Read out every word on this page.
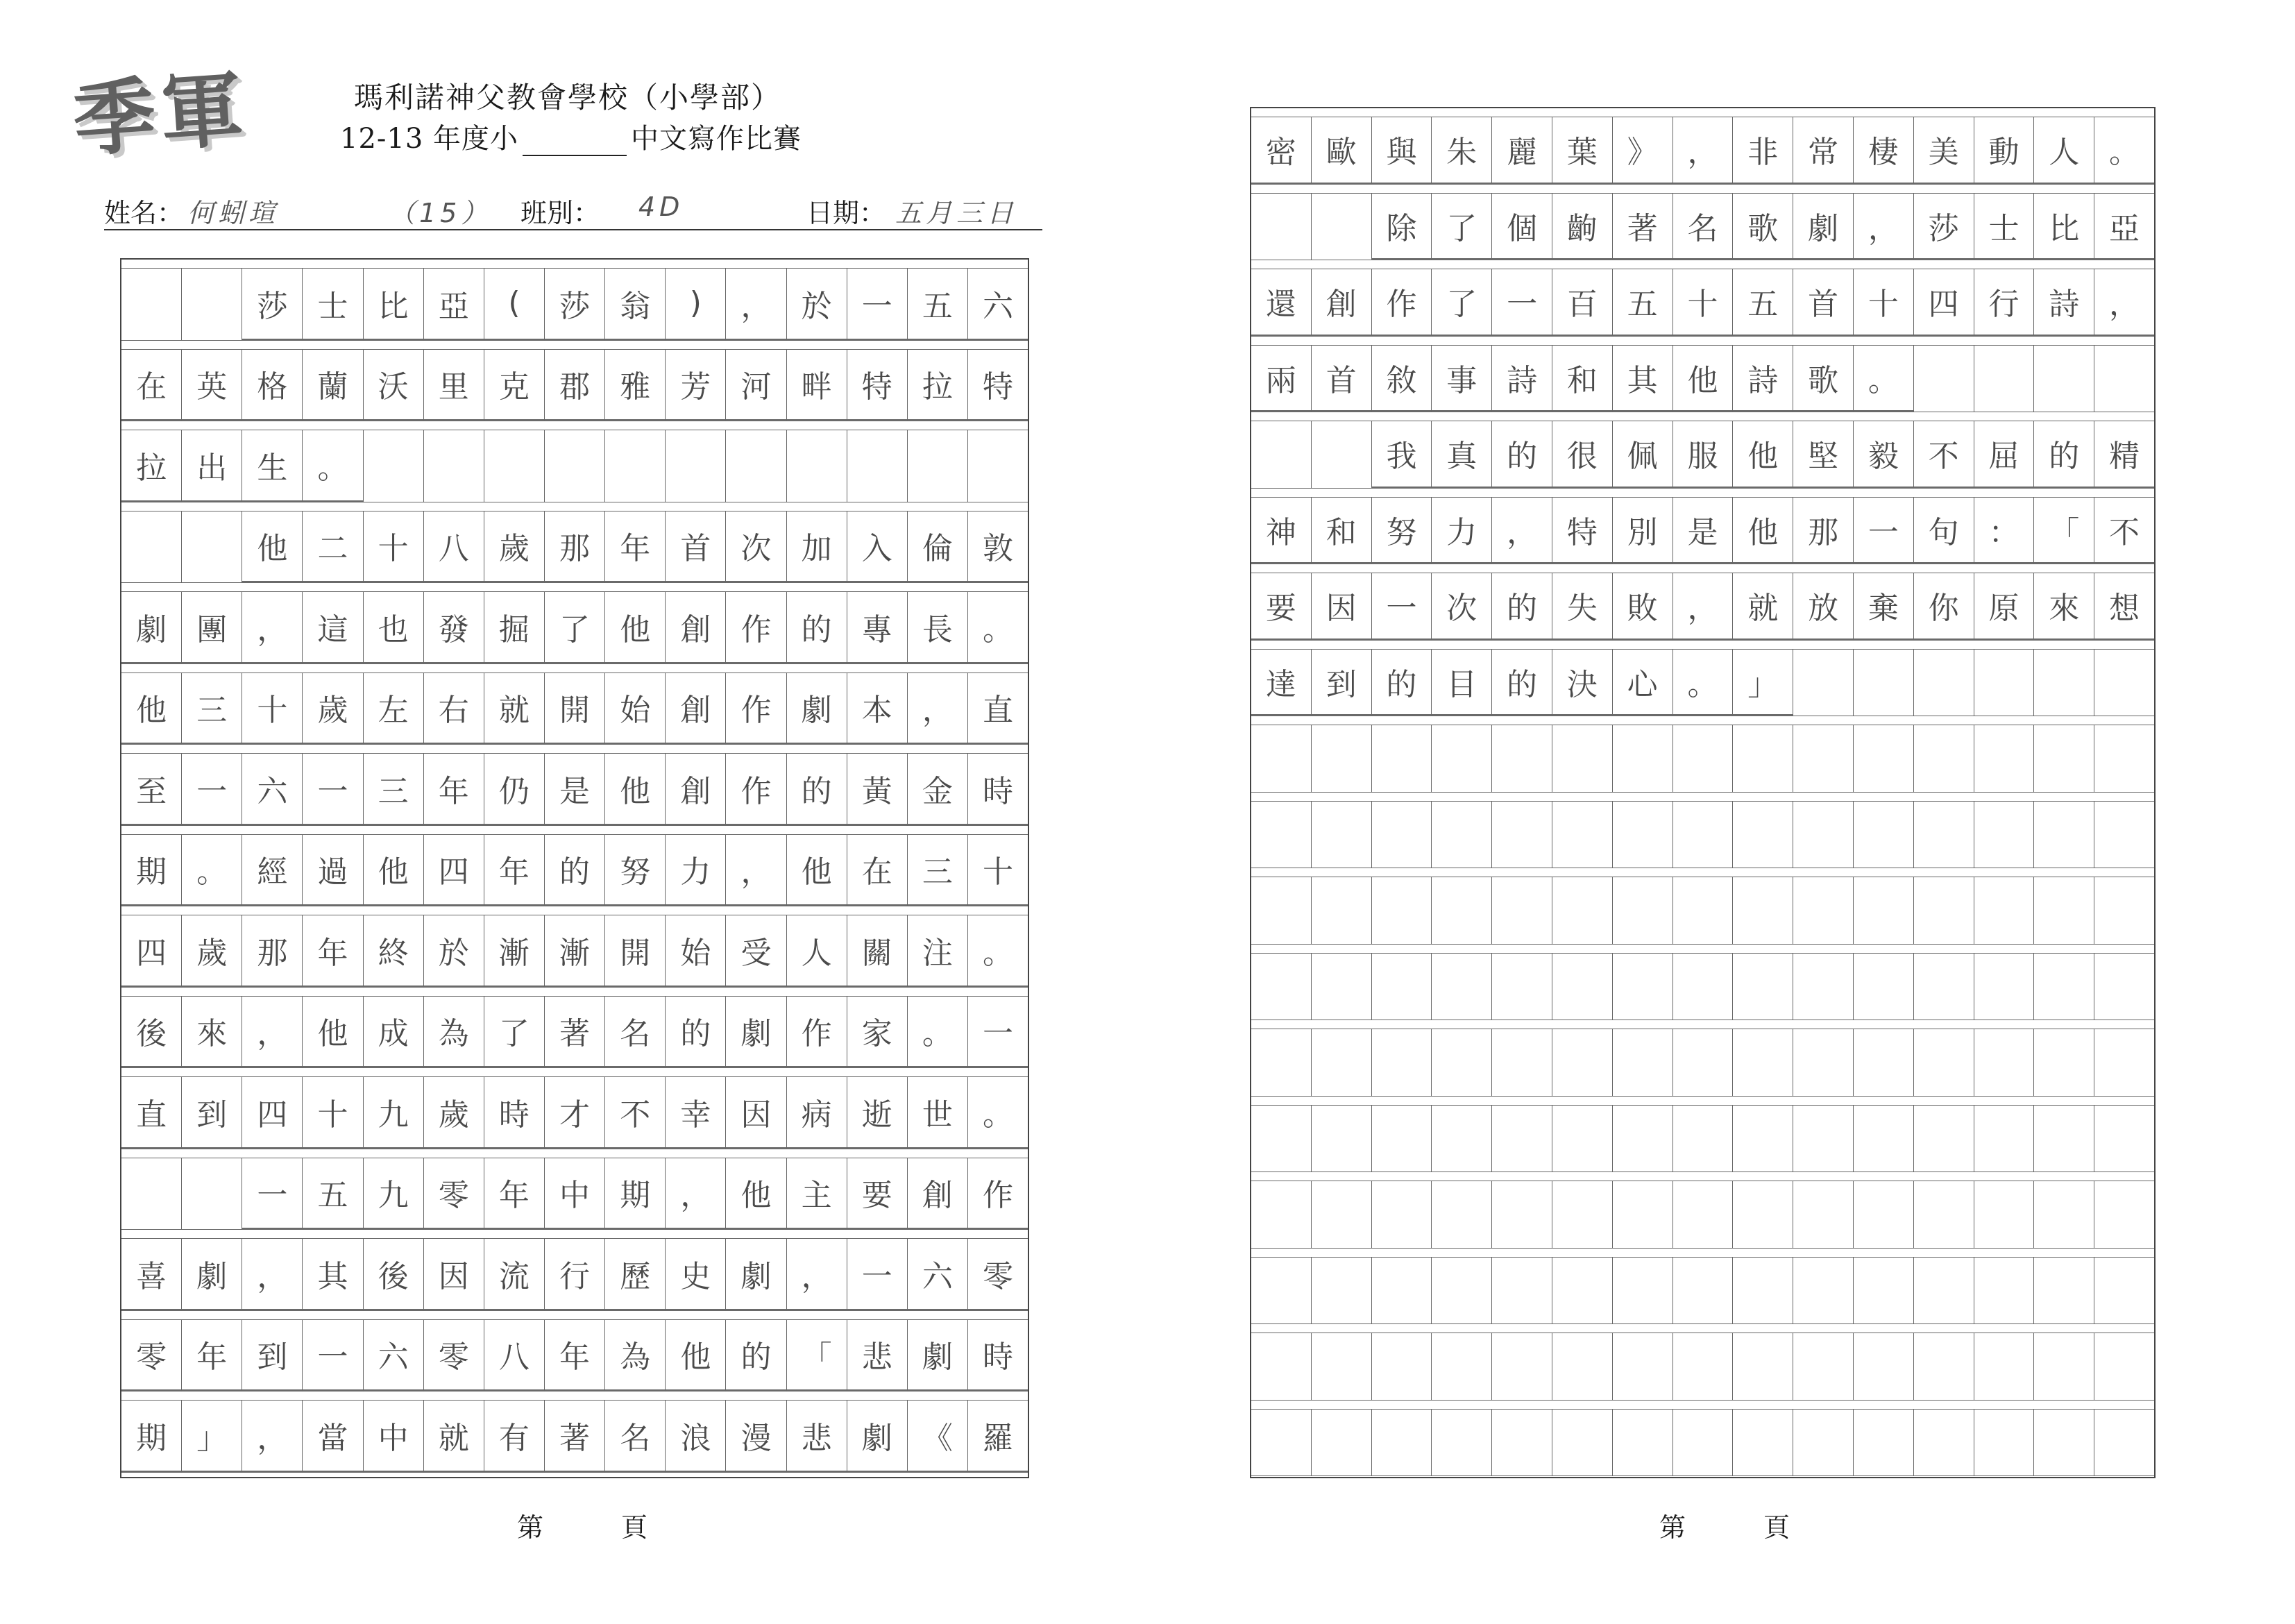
季軍	瑪利諾神父教會學校（小學部）
12-13 年度小	中文寫作比賽
姓名： 何蚓瑄	（15） 班別： 4D	日期： 五月三日
莎 士 比 亞	(	莎 翁	)	， 於 一 五 六
在 英 格 蘭 沃 里 克 郡 雅 芳 河 畔 特 拉 特
拉 出 生 。
他 二 十 八 歲 那 年 首 次 加 入 倫 敦
劇 團 ， 這 也 發 掘 了 他 創 作 的 專 長 。
他 三 十 歲 左 右 就 開 始 創 作 劇 本 ， 直
至 一 六 一 三 年 仍 是 他 創 作 的 黃 金 時
期 。 經 過 他 四 年 的 努 力 ， 他 在 三 十
四 歲 那 年 終 於 漸 漸 開 始 受 人 關 注 。
後 來 ， 他 成 為 了 著 名 的 劇 作 家 。 一
直 到 四 十 九 歲 時 才 不 幸 因 病 逝 世 。
一 五 九 零 年 中 期 ， 他 主 要 創 作
喜 劇 ， 其 後 因 流 行 歷 史 劇 ， 一 六 零
零 年 到 一 六 零 八 年 為 他 的 「 悲 劇 時
期 」 ， 當 中 就 有 著 名 浪 漫 悲 劇 《 羅
第	頁
密 歐 與 朱 麗 葉 》 ， 非 常 棲 美 動 人 。
除 了 個 齣 著 名 歌 劇 ， 莎 士 比 亞
還 創 作 了 一 百 五 十 五 首 十 四 行 詩 ，
兩 首 敘 事 詩 和 其 他 詩 歌 。
我 真 的 很 佩 服 他 堅 毅 不 屈 的 精
神 和 努 力 ， 特 別 是 他 那 一 句 ： 「 不
要 因 一 次 的 失 敗 ， 就 放 棄 你 原 來 想
達 到 的 目 的 決 心 。 」
第	頁
